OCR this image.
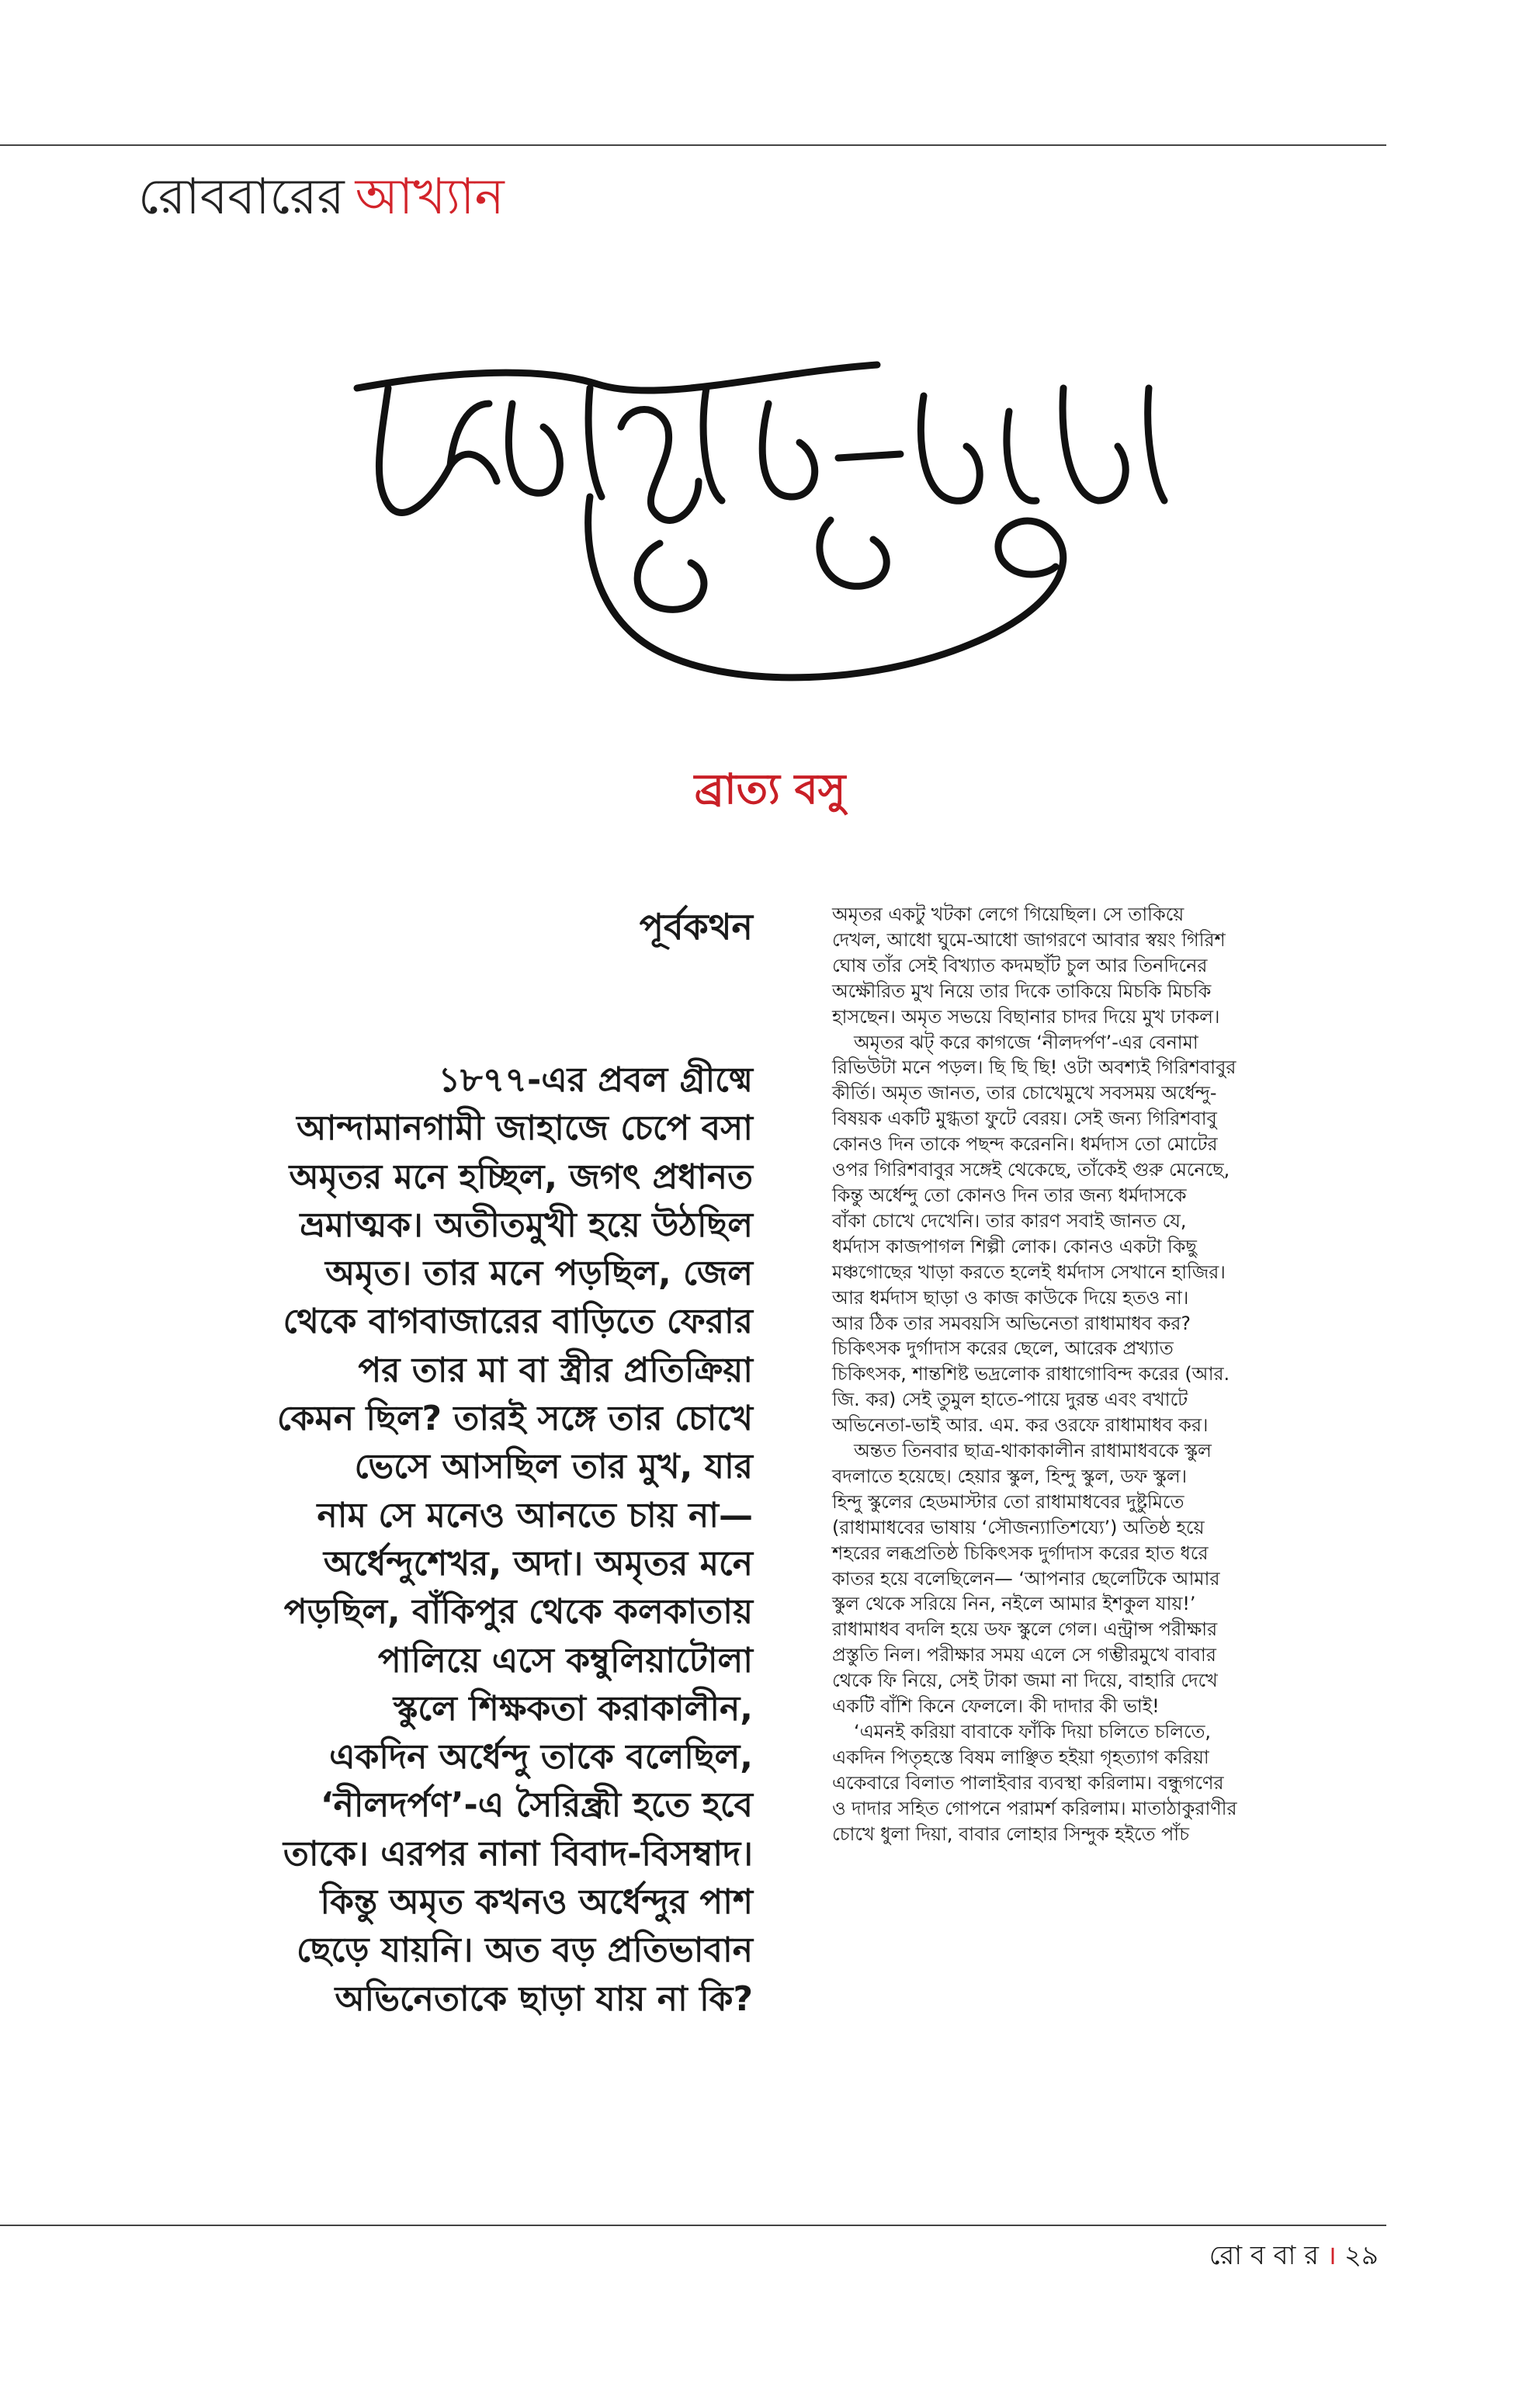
রোববারের আখ্যান
ব্রাত্য বসু

পূর্বকথন

১৮৭৭-এর প্রবল গ্রীষ্মে
আন্দামানগামী জাহাজে চেপে বসা
অমৃতর মনে হচ্ছিল, জগৎ প্রধানত
ভ্রমাত্মক। অতীতমুখী হয়ে উঠছিল
অমৃত। তার মনে পড়ছিল, জেল
থেকে বাগবাজারের বাড়িতে ফেরার
পর তার মা বা স্ত্রীর প্রতিক্রিয়া
কেমন ছিল? তারই সঙ্গে তার চোখে
ভেসে আসছিল তার মুখ, যার
নাম সে মনেও আনতে চায় না—
অর্ধেন্দুশেখর, অদা। অমৃতর মনে
পড়ছিল, বাঁকিপুর থেকে কলকাতায়
পালিয়ে এসে কম্বুলিয়াটোলা
স্কুলে শিক্ষকতা করাকালীন,
একদিন অর্ধেন্দু তাকে বলেছিল,
‘নীলদর্পণ’-এ সৈরিন্ধ্রী হতে হবে
তাকে। এরপর নানা বিবাদ-বিসম্বাদ।
কিন্তু অমৃত কখনও অর্ধেন্দুর পাশ
ছেড়ে যায়নি। অত বড় প্রতিভাবান
অভিনেতাকে ছাড়া যায় না কি?

অমৃতর একটু খটকা লেগে গিয়েছিল। সে তাকিয়ে
দেখল, আধো ঘুমে-আধো জাগরণে আবার স্বয়ং গিরিশ
ঘোষ তাঁর সেই বিখ্যাত কদমছাঁট চুল আর তিনদিনের
অক্ষৌরিত মুখ নিয়ে তার দিকে তাকিয়ে মিচকি মিচকি
হাসছেন। অমৃত সভয়ে বিছানার চাদর দিয়ে মুখ ঢাকল।
অমৃতর ঝট্ করে কাগজে ‘নীলদর্পণ’-এর বেনামা
রিভিউটা মনে পড়ল। ছি ছি ছি! ওটা অবশ্যই গিরিশবাবুর
কীর্তি। অমৃত জানত, তার চোখেমুখে সবসময় অর্ধেন্দু-
বিষয়ক একটি মুগ্ধতা ফুটে বেরয়। সেই জন্য গিরিশবাবু
কোনও দিন তাকে পছন্দ করেননি। ধর্মদাস তো মোটের
ওপর গিরিশবাবুর সঙ্গেই থেকেছে, তাঁকেই গুরু মেনেছে,
কিন্তু অর্ধেন্দু তো কোনও দিন তার জন্য ধর্মদাসকে
বাঁকা চোখে দেখেনি। তার কারণ সবাই জানত যে,
ধর্মদাস কাজপাগল শিল্পী লোক। কোনও একটা কিছু
মঞ্চগোছের খাড়া করতে হলেই ধর্মদাস সেখানে হাজির।
আর ধর্মদাস ছাড়া ও কাজ কাউকে দিয়ে হতও না।
আর ঠিক তার সমবয়সি অভিনেতা রাধামাধব কর?
চিকিৎসক দুর্গাদাস করের ছেলে, আরেক প্রখ্যাত
চিকিৎসক, শান্তশিষ্ট ভদ্রলোক রাধাগোবিন্দ করের (আর.
জি. কর) সেই তুমুল হাতে-পায়ে দুরন্ত এবং বখাটে
অভিনেতা-ভাই আর. এম. কর ওরফে রাধামাধব কর।
অন্তত তিনবার ছাত্র-থাকাকালীন রাধামাধবকে স্কুল
বদলাতে হয়েছে। হেয়ার স্কুল, হিন্দু স্কুল, ডফ স্কুল।
হিন্দু স্কুলের হেডমাস্টার তো রাধামাধবের দুষ্টুমিতে
(রাধামাধবের ভাষায় ‘সৌজন্যাতিশয্যে’) অতিষ্ঠ হয়ে
শহরের লব্ধপ্রতিষ্ঠ চিকিৎসক দুর্গাদাস করের হাত ধরে
কাতর হয়ে বলেছিলেন— ‘আপনার ছেলেটিকে আমার
স্কুল থেকে সরিয়ে নিন, নইলে আমার ইশকুল যায়!’
রাধামাধব বদলি হয়ে ডফ স্কুলে গেল। এন্ট্রান্স পরীক্ষার
প্রস্তুতি নিল। পরীক্ষার সময় এলে সে গম্ভীরমুখে বাবার
থেকে ফি নিয়ে, সেই টাকা জমা না দিয়ে, বাহারি দেখে
একটি বাঁশি কিনে ফেললে। কী দাদার কী ভাই!
‘এমনই করিয়া বাবাকে ফাঁকি দিয়া চলিতে চলিতে,
একদিন পিতৃহস্তে বিষম লাঞ্ছিত হইয়া গৃহত্যাগ করিয়া
একেবারে বিলাত পালাইবার ব্যবস্থা করিলাম। বন্ধুগণের
ও দাদার সহিত গোপনে পরামর্শ করিলাম। মাতাঠাকুরাণীর
চোখে ধুলা দিয়া, বাবার লোহার সিন্দুক হইতে পাঁচ
রো ব বা র । ২৯
